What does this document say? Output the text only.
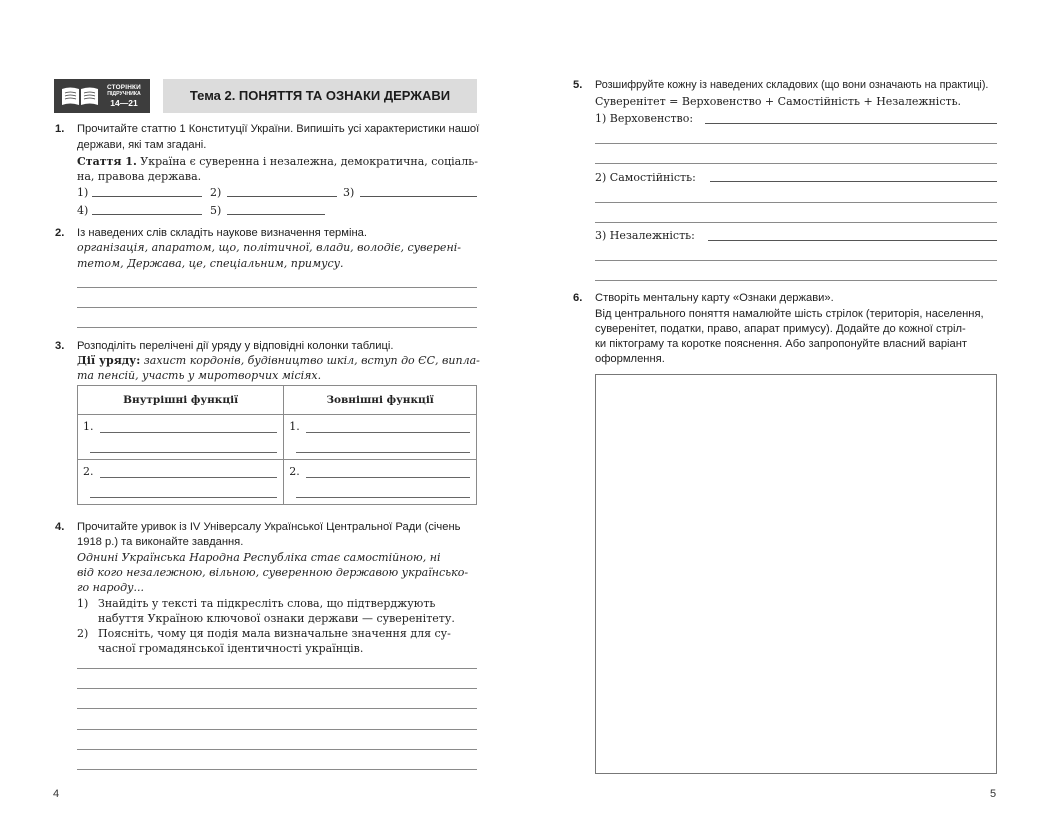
СТОРІНКИ
ПІДРУЧНИКА
14—21	Тема 2. ПОНЯТТЯ ТА ОЗНАКИ ДЕРЖАВИ
1. Прочитайте статтю 1 Конституції України. Випишіть усі характеристики нашої
держави, які там згадані.
Стаття 1. Україна є суверенна і незалежна, демократична, соціаль-
на, правова держава.
1)	2)	3)
4)	5)
2. Із наведених слів складіть наукове визначення терміна.
організація, апаратом, що, політичної, влади, володіє, суверені-
тетом, Держава, це, спеціальним, примусу.
3. Розподіліть перелічені дії уряду у відповідні колонки таблиці.
Дії уряду: захист кордонів, будівництво шкіл, вступ до ЄС, випла-
та пенсій, участь у миротворчих місіях.
Внутрішні функції	Зовнішні функції

1.	1.

2.	2.
4. Прочитайте уривок із IV Універсалу Української Центральної Ради (січень
1918 р.) та виконайте завдання.
Однині Українська Народна Республіка стає самостійною, ні
від кого незалежною, вільною, суверенною державою українсько-
го народу...
1) Знайдіть у тексті та підкресліть слова, що підтверджують
набуття Україною ключової ознаки держави — суверенітету.
2) Поясніть, чому ця подія мала визначальне значення для су-
часної громадянської ідентичності українців.
4
5. Розшифруйте кожну із наведених складових (що вони означають на практиці).
Суверенітет = Верховенство + Самостійність + Незалежність.
1) Верховенство:
2) Самостійність:
3) Незалежність:
6. Створіть ментальну карту «Ознаки держави».
Від центрального поняття намалюйте шість стрілок (територія, населення,
суверенітет, податки, право, апарат примусу). Додайте до кожної стріл-
ки піктограму та коротке пояснення. Або запропонуйте власний варіант
оформлення.
5
